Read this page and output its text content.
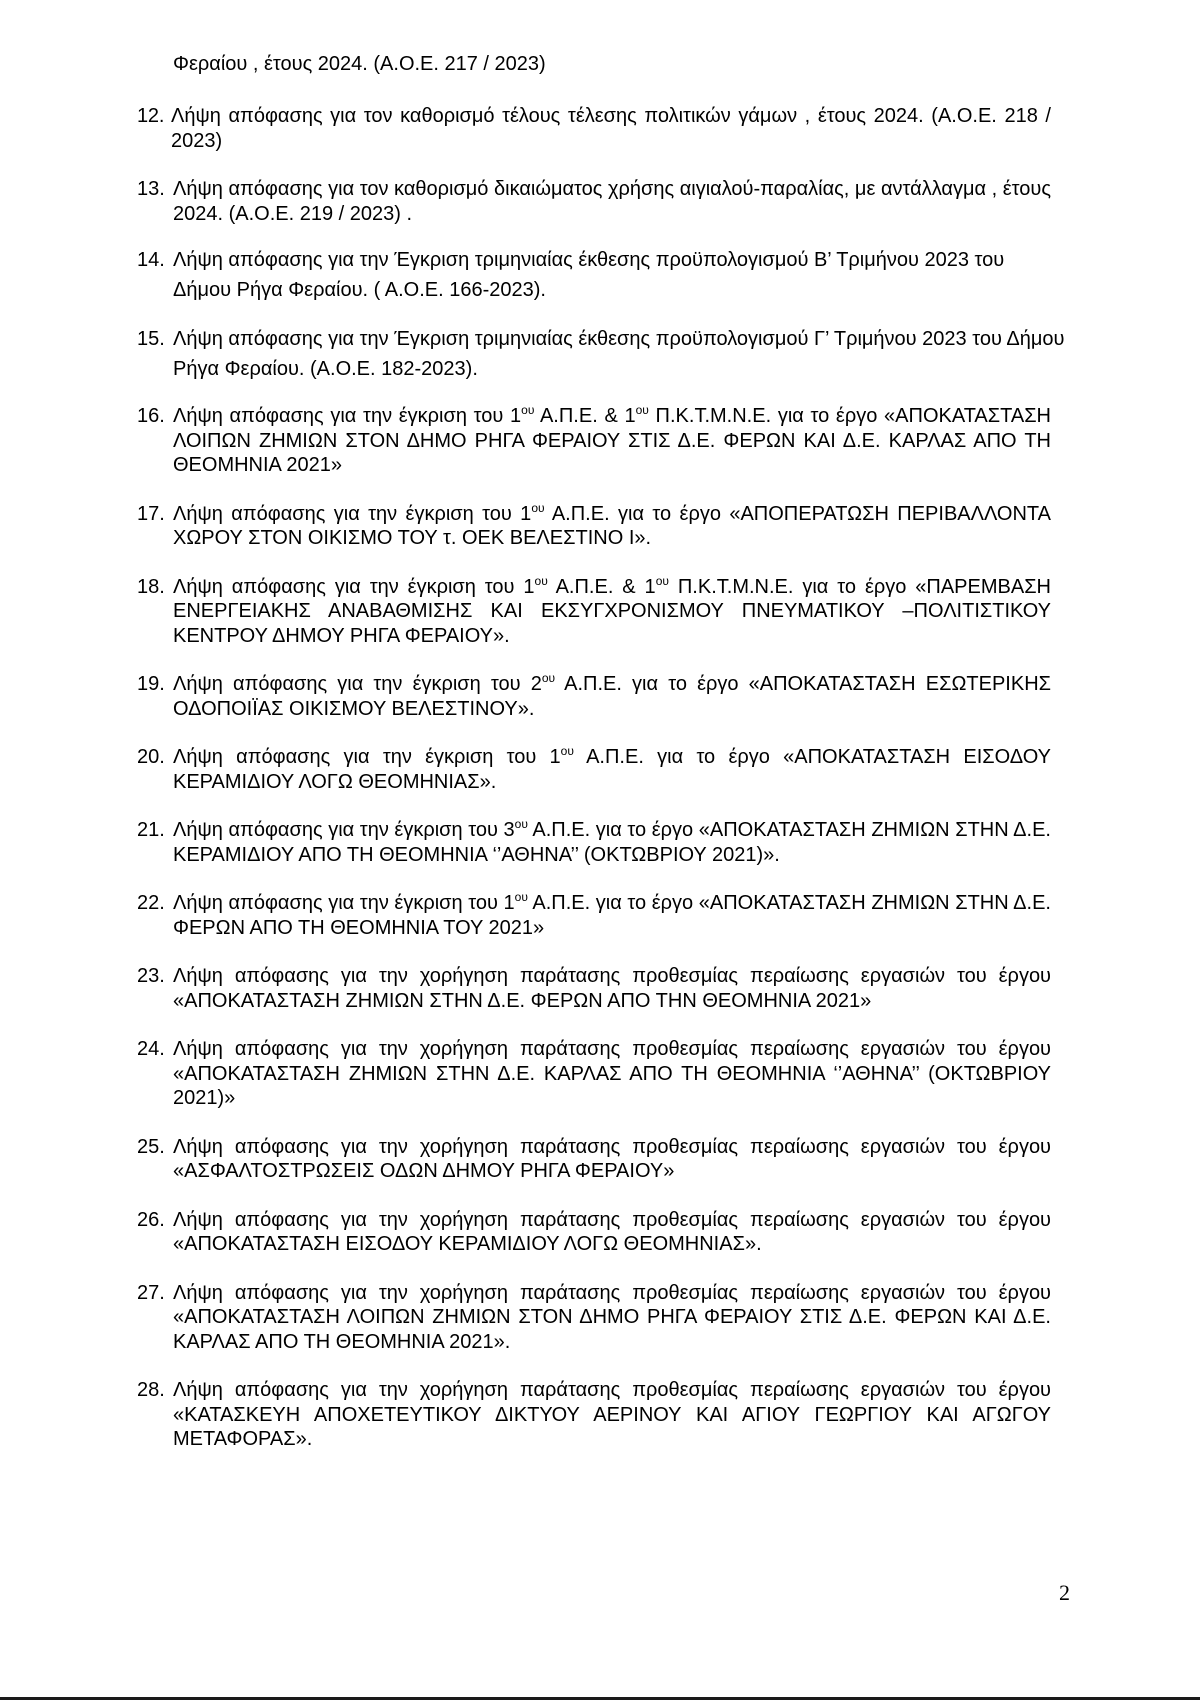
Φεραίου , έτους 2024. (Α.Ο.Ε. 217 / 2023)
12. Λήψη απόφασης για τον καθορισμό τέλους τέλεσης πολιτικών γάμων , έτους 2024. (Α.Ο.Ε. 218 / 2023)
13. Λήψη απόφασης για τον καθορισμό δικαιώματος χρήσης αιγιαλού-παραλίας, με αντάλλαγμα , έτους 2024. (Α.Ο.Ε. 219 / 2023) .
14. Λήψη απόφασης για την Έγκριση τριμηνιαίας έκθεσης προϋπολογισμού Β’ Τριμήνου 2023 του Δήμου Ρήγα Φεραίου. ( Α.Ο.Ε. 166-2023).
15. Λήψη απόφασης για την Έγκριση τριμηνιαίας έκθεσης προϋπολογισμού Γ’ Τριμήνου 2023 του Δήμου Ρήγα Φεραίου. (Α.Ο.Ε. 182-2023).
16. Λήψη απόφασης για την έγκριση του $1^{o\upsilon}$ Α.Π.Ε. & $1^{o\upsilon}$ Π.Κ.Τ.Μ.Ν.Ε. για το έργο «ΑΠΟΚΑΤΑΣΤΑΣΗ ΛΟΙΠΩΝ ΖΗΜΙΩΝ ΣΤΟΝ ΔΗΜΟ ΡΗΓΑ ΦΕΡΑΙΟΥ ΣΤΙΣ Δ.Ε. ΦΕΡΩΝ ΚΑΙ Δ.Ε. ΚΑΡΛΑΣ ΑΠΟ ΤΗ ΘΕΟΜΗΝΙΑ 2021»
17. Λήψη απόφασης για την έγκριση του $1^{o\upsilon}$ Α.Π.Ε. για το έργο «ΑΠΟΠΕΡΑΤΩΣΗ ΠΕΡΙΒΑΛΛΟΝΤΑ ΧΩΡΟΥ ΣΤΟΝ ΟΙΚΙΣΜΟ ΤΟΥ τ. ΟΕΚ ΒΕΛΕΣΤΙΝΟ Ι».
18. Λήψη απόφασης για την έγκριση του $1^{o\upsilon}$ Α.Π.Ε. & $1^{o\upsilon}$ Π.Κ.Τ.Μ.Ν.Ε. για το έργο «ΠΑΡΕΜΒΑΣΗ ΕΝΕΡΓΕΙΑΚΗΣ ΑΝΑΒΑΘΜΙΣΗΣ ΚΑΙ ΕΚΣΥΓΧΡΟΝΙΣΜΟΥ ΠΝΕΥΜΑΤΙΚΟΥ –ΠΟΛΙΤΙΣΤΙΚΟΥ ΚΕΝΤΡΟΥ ΔΗΜΟΥ ΡΗΓΑ ΦΕΡΑΙΟΥ».
19. Λήψη απόφασης για την έγκριση του $2^{o\upsilon}$ Α.Π.Ε. για το έργο «ΑΠΟΚΑΤΑΣΤΑΣΗ ΕΣΩΤΕΡΙΚΗΣ ΟΔΟΠΟΙΪΑΣ ΟΙΚΙΣΜΟΥ ΒΕΛΕΣΤΙΝΟΥ».
20. Λήψη απόφασης για την έγκριση του $1^{o\upsilon}$ Α.Π.Ε. για το έργο «ΑΠΟΚΑΤΑΣΤΑΣΗ ΕΙΣΟΔΟΥ ΚΕΡΑΜΙΔΙΟΥ ΛΟΓΩ ΘΕΟΜΗΝΙΑΣ».
21. Λήψη απόφασης για την έγκριση του $3^{o\upsilon}$ Α.Π.Ε. για το έργο «ΑΠΟΚΑΤΑΣΤΑΣΗ ΖΗΜΙΩΝ ΣΤΗΝ Δ.Ε. ΚΕΡΑΜΙΔΙΟΥ ΑΠΟ ΤΗ ΘΕΟΜΗΝΙΑ ‘’ΑΘΗΝΑ’’ (ΟΚΤΩΒΡΙΟΥ 2021)».
22. Λήψη απόφασης για την έγκριση του $1^{o\upsilon}$ Α.Π.Ε. για το έργο «ΑΠΟΚΑΤΑΣΤΑΣΗ ΖΗΜΙΩΝ ΣΤΗΝ Δ.Ε. ΦΕΡΩΝ ΑΠΟ ΤΗ ΘΕΟΜΗΝΙΑ ΤΟΥ 2021»
23. Λήψη απόφασης για την χορήγηση παράτασης προθεσμίας περαίωσης εργασιών του έργου «ΑΠΟΚΑΤΑΣΤΑΣΗ ΖΗΜΙΩΝ ΣΤΗΝ Δ.Ε. ΦΕΡΩΝ ΑΠΟ ΤΗΝ ΘΕΟΜΗΝΙΑ 2021»
24. Λήψη απόφασης για την χορήγηση παράτασης προθεσμίας περαίωσης εργασιών του έργου «ΑΠΟΚΑΤΑΣΤΑΣΗ ΖΗΜΙΩΝ ΣΤΗΝ Δ.Ε. ΚΑΡΛΑΣ ΑΠΟ ΤΗ ΘΕΟΜΗΝΙΑ ‘’ΑΘΗΝΑ’’ (ΟΚΤΩΒΡΙΟΥ 2021)»
25. Λήψη απόφασης για την χορήγηση παράτασης προθεσμίας περαίωσης εργασιών του έργου «ΑΣΦΑΛΤΟΣΤΡΩΣΕΙΣ ΟΔΩΝ ΔΗΜΟΥ ΡΗΓΑ ΦΕΡΑΙΟΥ»
26. Λήψη απόφασης για την χορήγηση παράτασης προθεσμίας περαίωσης εργασιών του έργου «ΑΠΟΚΑΤΑΣΤΑΣΗ ΕΙΣΟΔΟΥ ΚΕΡΑΜΙΔΙΟΥ ΛΟΓΩ ΘΕΟΜΗΝΙΑΣ».
27. Λήψη απόφασης για την χορήγηση παράτασης προθεσμίας περαίωσης εργασιών του έργου «ΑΠΟΚΑΤΑΣΤΑΣΗ ΛΟΙΠΩΝ ΖΗΜΙΩΝ ΣΤΟΝ ΔΗΜΟ ΡΗΓΑ ΦΕΡΑΙΟΥ ΣΤΙΣ Δ.Ε. ΦΕΡΩΝ ΚΑΙ Δ.Ε. ΚΑΡΛΑΣ ΑΠΟ ΤΗ ΘΕΟΜΗΝΙΑ 2021».
28. Λήψη απόφασης για την χορήγηση παράτασης προθεσμίας περαίωσης εργασιών του έργου «ΚΑΤΑΣΚΕΥΗ ΑΠΟΧΕΤΕΥΤΙΚΟΥ ΔΙΚΤΥΟΥ ΑΕΡΙΝΟΥ ΚΑΙ ΑΓΙΟΥ ΓΕΩΡΓΙΟΥ ΚΑΙ ΑΓΩΓΟΥ ΜΕΤΑΦΟΡΑΣ».
2
